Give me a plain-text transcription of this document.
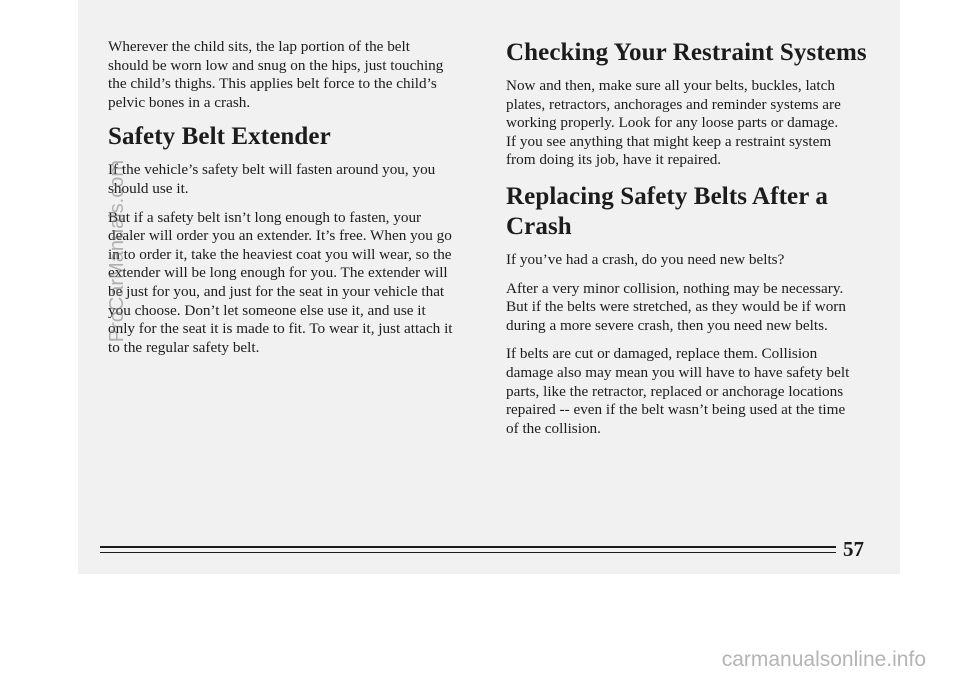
Wherever the child sits, the lap portion of the belt
should be worn low and snug on the hips, just touching
the child’s thighs. This applies belt force to the child’s
pelvic bones in a crash.

Safety Belt Extender

If the vehicle’s safety belt will fasten around you, you
should use it.

But if a safety belt isn’t long enough to fasten, your
dealer will order you an extender. It’s free. When you go
in to order it, take the heaviest coat you will wear, so the
extender will be long enough for you. The extender will
be just for you, and just for the seat in your vehicle that
you choose. Don’t let someone else use it, and use it
only for the seat it is made to fit. To wear it, just attach it
to the regular safety belt.

Checking Your Restraint Systems

Now and then, make sure all your belts, buckles, latch
plates, retractors, anchorages and reminder systems are
working properly. Look for any loose parts or damage.
If you see anything that might keep a restraint system
from doing its job, have it repaired.

Replacing Safety Belts After a Crash

If you’ve had a crash, do you need new belts?

After a very minor collision, nothing may be necessary.
But if the belts were stretched, as they would be if worn
during a more severe crash, then you need new belts.

If belts are cut or damaged, replace them. Collision
damage also may mean you will have to have safety belt
parts, like the retractor, replaced or anchorage locations
repaired -- even if the belt wasn’t being used at the time
of the collision.

57
ProCarManuals.com
carmanualsonline.info
